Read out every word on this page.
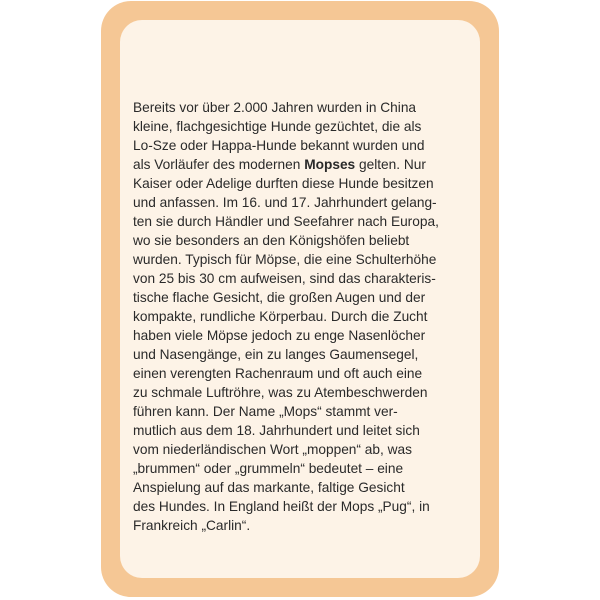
Bereits vor über 2.000 Jahren wurden in China
kleine, flachgesichtige Hunde gezüchtet, die als
Lo-Sze oder Happa-Hunde bekannt wurden und
als Vorläufer des modernen Mopses gelten. Nur
Kaiser oder Adelige durften diese Hunde besitzen
und anfassen. Im 16. und 17. Jahrhundert gelang-
ten sie durch Händler und Seefahrer nach Europa,
wo sie besonders an den Königshöfen beliebt
wurden. Typisch für Möpse, die eine Schulterhöhe
von 25 bis 30 cm aufweisen, sind das charakteris-
tische flache Gesicht, die großen Augen und der
kompakte, rundliche Körperbau. Durch die Zucht
haben viele Möpse jedoch zu enge Nasenlöcher
und Nasengänge, ein zu langes Gaumensegel,
einen verengten Rachenraum und oft auch eine
zu schmale Luftröhre, was zu Atembeschwerden
führen kann. Der Name „Mops“ stammt ver-
mutlich aus dem 18. Jahrhundert und leitet sich
vom niederländischen Wort „moppen“ ab, was
„brummen“ oder „grummeln“ bedeutet – eine
Anspielung auf das markante, faltige Gesicht
des Hundes. In England heißt der Mops „Pug“, in
Frankreich „Carlin“.
